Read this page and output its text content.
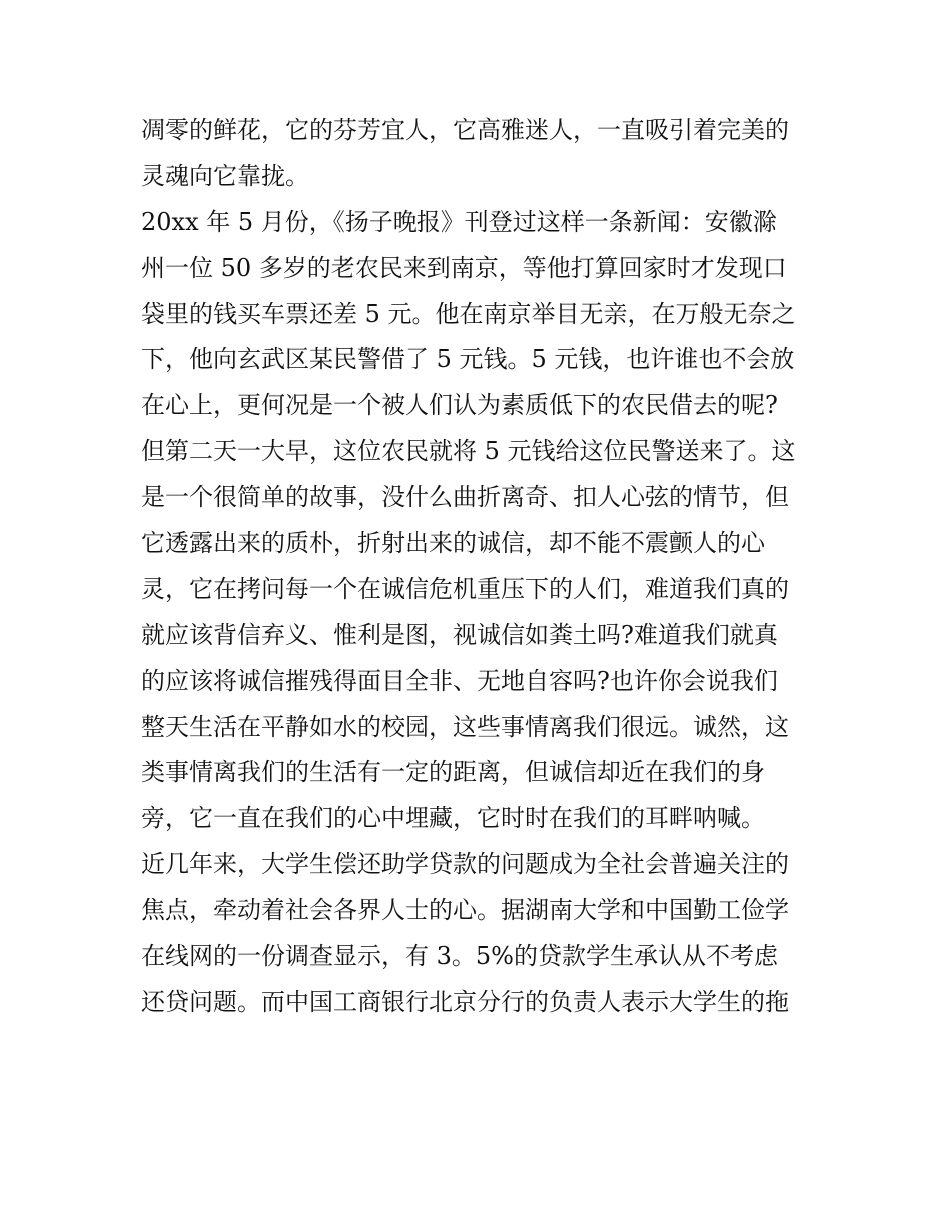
凋零的鲜花，它的芬芳宜人，它高雅迷人，一直吸引着完美的
灵魂向它靠拢。
20xx 年 5 月份，《扬子晚报》刊登过这样一条新闻：安徽滁
州一位 50 多岁的老农民来到南京，等他打算回家时才发现口
袋里的钱买车票还差 5 元。他在南京举目无亲，在万般无奈之
下，他向玄武区某民警借了 5 元钱。5 元钱，也许谁也不会放
在心上，更何况是一个被人们认为素质低下的农民借去的呢?
但第二天一大早，这位农民就将 5 元钱给这位民警送来了。这
是一个很简单的故事，没什么曲折离奇、扣人心弦的情节，但
它透露出来的质朴，折射出来的诚信，却不能不震颤人的心
灵，它在拷问每一个在诚信危机重压下的人们，难道我们真的
就应该背信弃义、惟利是图，视诚信如粪土吗?难道我们就真
的应该将诚信摧残得面目全非、无地自容吗?也许你会说我们
整天生活在平静如水的校园，这些事情离我们很远。诚然，这
类事情离我们的生活有一定的距离，但诚信却近在我们的身
旁，它一直在我们的心中埋藏，它时时在我们的耳畔呐喊。
近几年来，大学生偿还助学贷款的问题成为全社会普遍关注的
焦点，牵动着社会各界人士的心。据湖南大学和中国勤工俭学
在线网的一份调查显示，有 3。5%的贷款学生承认从不考虑
还贷问题。而中国工商银行北京分行的负责人表示大学生的拖
